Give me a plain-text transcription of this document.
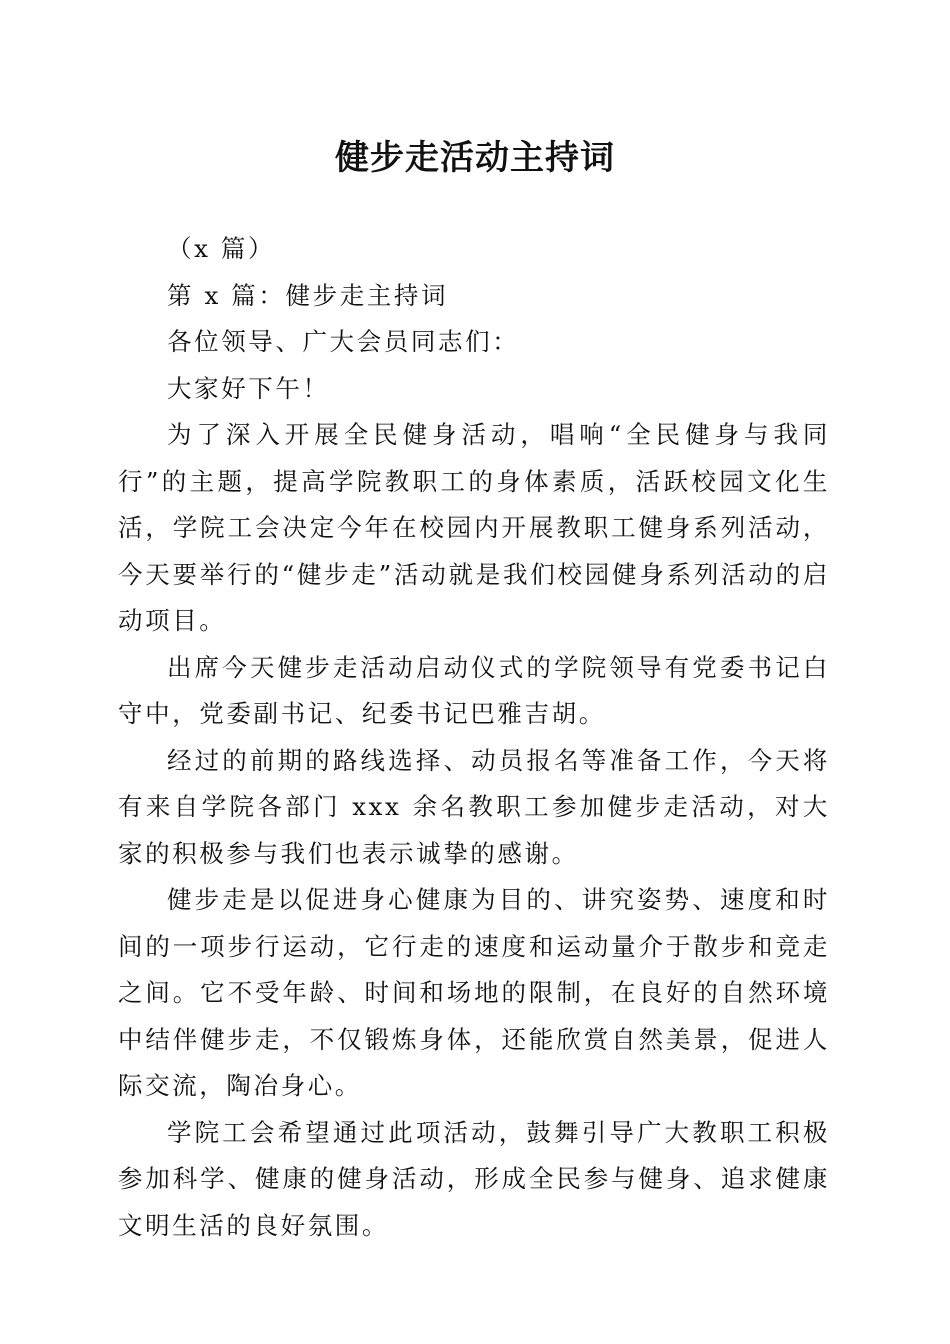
健步走活动主持词

（x 篇）

第 x 篇：健步走主持词

各位领导、广大会员同志们：

大家好下午！

为了深入开展全民健身活动，唱响“全民健身与我同行”的主题，提高学院教职工的身体素质，活跃校园文化生活，学院工会决定今年在校园内开展教职工健身系列活动，今天要举行的“健步走”活动就是我们校园健身系列活动的启动项目。

出席今天健步走活动启动仪式的学院领导有党委书记白守中，党委副书记、纪委书记巴雅吉胡。

经过的前期的路线选择、动员报名等准备工作，今天将有来自学院各部门 xxx 余名教职工参加健步走活动，对大家的积极参与我们也表示诚挚的感谢。

健步走是以促进身心健康为目的、讲究姿势、速度和时间的一项步行运动，它行走的速度和运动量介于散步和竞走之间。它不受年龄、时间和场地的限制，在良好的自然环境中结伴健步走，不仅锻炼身体，还能欣赏自然美景，促进人际交流，陶冶身心。

学院工会希望通过此项活动，鼓舞引导广大教职工积极参加科学、健康的健身活动，形成全民参与健身、追求健康文明生活的良好氛围。
